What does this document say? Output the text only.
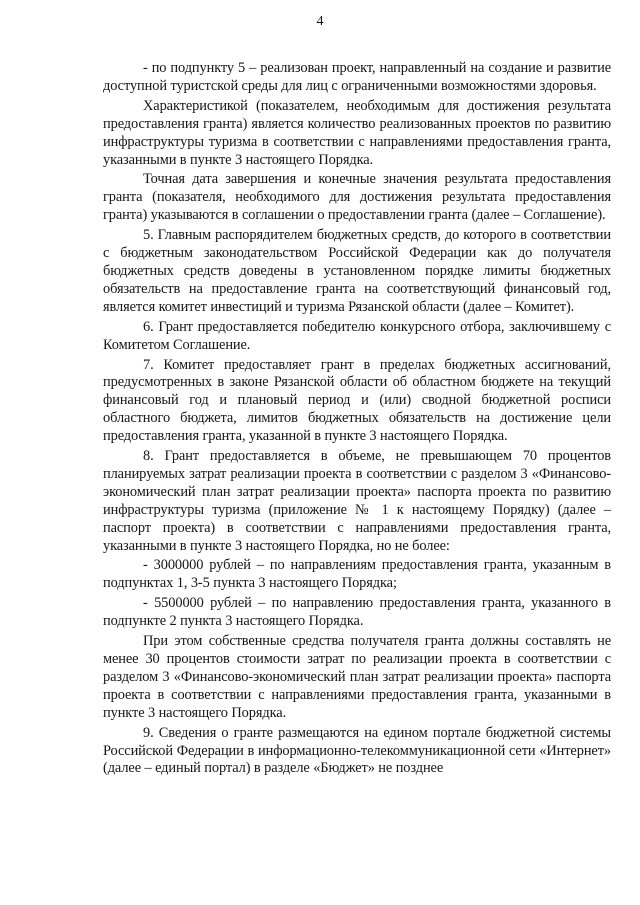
4

- по подпункту 5 – реализован проект, направленный на создание и развитие доступной туристской среды для лиц с ограниченными возможностями здоровья.

Характеристикой (показателем, необходимым для достижения результата предоставления гранта) является количество реализованных проектов по развитию инфраструктуры туризма в соответствии с направлениями предоставления гранта, указанными в пункте 3 настоящего Порядка.

Точная дата завершения и конечные значения результата предоставления гранта (показателя, необходимого для достижения результата предоставления гранта) указываются в соглашении о предоставлении гранта (далее – Соглашение).

5. Главным распорядителем бюджетных средств, до которого в соответствии с бюджетным законодательством Российской Федерации как до получателя бюджетных средств доведены в установленном порядке лимиты бюджетных обязательств на предоставление гранта на соответствующий финансовый год, является комитет инвестиций и туризма Рязанской области (далее – Комитет).

6. Грант предоставляется победителю конкурсного отбора, заключившему с Комитетом Соглашение.

7. Комитет предоставляет грант в пределах бюджетных ассигнований, предусмотренных в законе Рязанской области об областном бюджете на текущий финансовый год и плановый период и (или) сводной бюджетной росписи областного бюджета, лимитов бюджетных обязательств на достижение цели предоставления гранта, указанной в пункте 3 настоящего Порядка.

8. Грант предоставляется в объеме, не превышающем 70 процентов планируемых затрат реализации проекта в соответствии с разделом 3 «Финансово-экономический план затрат реализации проекта» паспорта проекта по развитию инфраструктуры туризма (приложение № 1 к настоящему Порядку) (далее – паспорт проекта) в соответствии с направлениями предоставления гранта, указанными в пункте 3 настоящего Порядка, но не более:

- 3000000 рублей – по направлениям предоставления гранта, указанным в подпунктах 1, 3-5 пункта 3 настоящего Порядка;

- 5500000 рублей – по направлению предоставления гранта, указанного в подпункте 2 пункта 3 настоящего Порядка.

При этом собственные средства получателя гранта должны составлять не менее 30 процентов стоимости затрат по реализации проекта в соответствии с разделом 3 «Финансово-экономический план затрат реализации проекта» паспорта проекта в соответствии с направлениями предоставления гранта, указанными в пункте 3 настоящего Порядка.

9. Сведения о гранте размещаются на едином портале бюджетной системы Российской Федерации в информационно-телекоммуникационной сети «Интернет» (далее – единый портал) в разделе «Бюджет» не позднее
